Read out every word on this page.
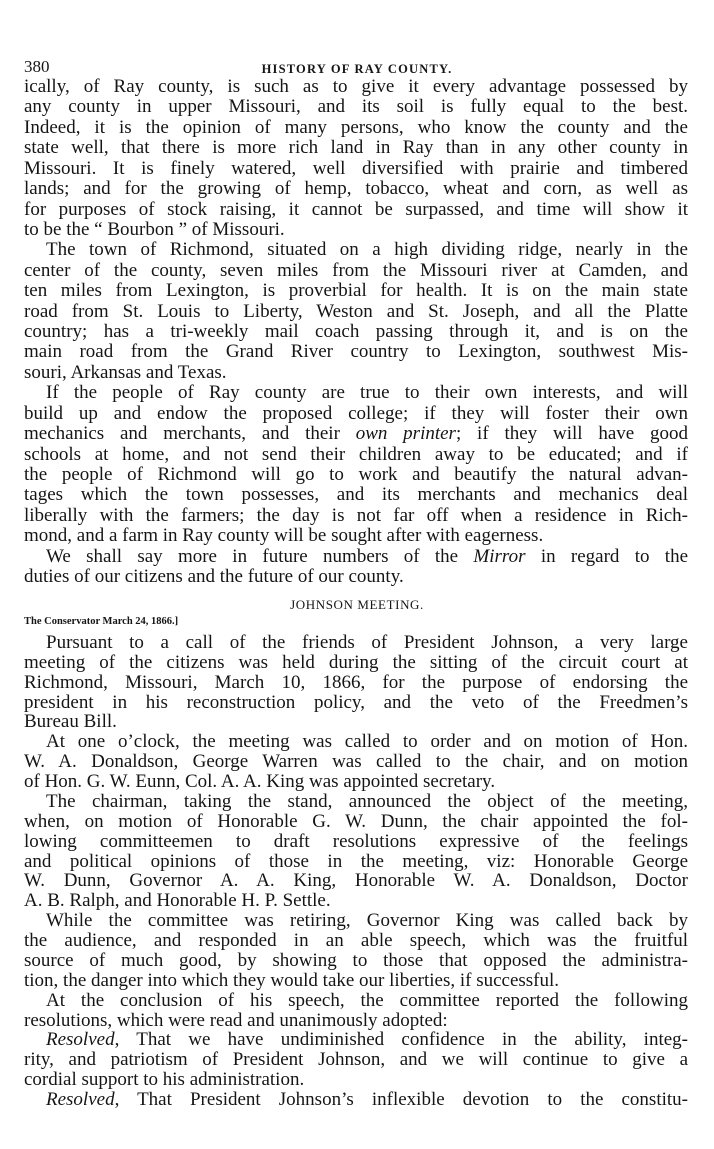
380	HISTORY OF RAY COUNTY.
ically, of Ray county, is such as to give it every advantage possessed by
any county in upper Missouri, and its soil is fully equal to the best.
Indeed, it is the opinion of many persons, who know the county and the
state well, that there is more rich land in Ray than in any other county in
Missouri. It is finely watered, well diversified with prairie and timbered
lands; and for the growing of hemp, tobacco, wheat and corn, as well as
for purposes of stock raising, it cannot be surpassed, and time will show it
to be the “ Bourbon ” of Missouri.
The town of Richmond, situated on a high dividing ridge, nearly in the
center of the county, seven miles from the Missouri river at Camden, and
ten miles from Lexington, is proverbial for health. It is on the main state
road from St. Louis to Liberty, Weston and St. Joseph, and all the Platte
country; has a tri-weekly mail coach passing through it, and is on the
main road from the Grand River country to Lexington, southwest Mis-
souri, Arkansas and Texas.
If the people of Ray county are true to their own interests, and will
build up and endow the proposed college; if they will foster their own
mechanics and merchants, and their own printer; if they will have good
schools at home, and not send their children away to be educated; and if
the people of Richmond will go to work and beautify the natural advan-
tages which the town possesses, and its merchants and mechanics deal
liberally with the farmers; the day is not far off when a residence in Rich-
mond, and a farm in Ray county will be sought after with eagerness.
We shall say more in future numbers of the Mirror in regard to the
duties of our citizens and the future of our county.
JOHNSON MEETING.
The Conservator March 24, 1866.]
Pursuant to a call of the friends of President Johnson, a very large
meeting of the citizens was held during the sitting of the circuit court at
Richmond, Missouri, March 10, 1866, for the purpose of endorsing the
president in his reconstruction policy, and the veto of the Freedmen’s
Bureau Bill.
At one o’clock, the meeting was called to order and on motion of Hon.
W. A. Donaldson, George Warren was called to the chair, and on motion
of Hon. G. W. Eunn, Col. A. A. King was appointed secretary.
The chairman, taking the stand, announced the object of the meeting,
when, on motion of Honorable G. W. Dunn, the chair appointed the fol-
lowing committeemen to draft resolutions expressive of the feelings
and political opinions of those in the meeting, viz: Honorable George
W. Dunn, Governor A. A. King, Honorable W. A. Donaldson, Doctor
A. B. Ralph, and Honorable H. P. Settle.
While the committee was retiring, Governor King was called back by
the audience, and responded in an able speech, which was the fruitful
source of much good, by showing to those that opposed the administra-
tion, the danger into which they would take our liberties, if successful.
At the conclusion of his speech, the committee reported the following
resolutions, which were read and unanimously adopted:
Resolved, That we have undiminished confidence in the ability, integ-
rity, and patriotism of President Johnson, and we will continue to give a
cordial support to his administration.
Resolved, That President Johnson’s inflexible devotion to the constitu-
